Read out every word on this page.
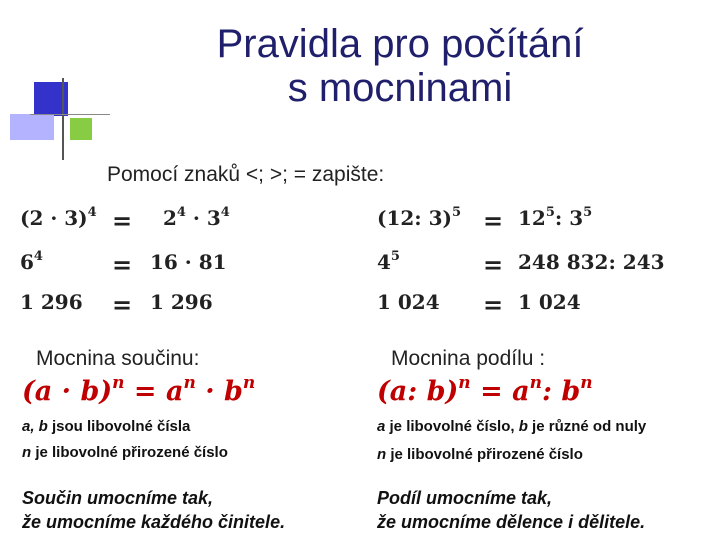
Pravidla pro počítání
s mocninami
Pomocí znaků <; >; = zapište:
$(2 \cdot 3)^4 = 2^4 \cdot 3^4$
$6^4$	= 16 · 81
1 296 = 1 296
(12: $3)^5 = 12^5$: $3^5$
$4^5$	= 248 832: 243
1 024 = 1 024
Mocnina součinu:
$(a \cdot b)^n = a^n \cdot b^n$
a, b jsou libovolné čísla
n je libovolné přirozené číslo
Součin umocníme tak,
že umocníme každého činitele.
Mocnina podílu :
(a: $b)^n = a^n$: $b^n$
a je libovolné číslo, b je různé od nuly
n je libovolné přirozené číslo
Podíl umocníme tak,
že umocníme dělence i dělitele.
